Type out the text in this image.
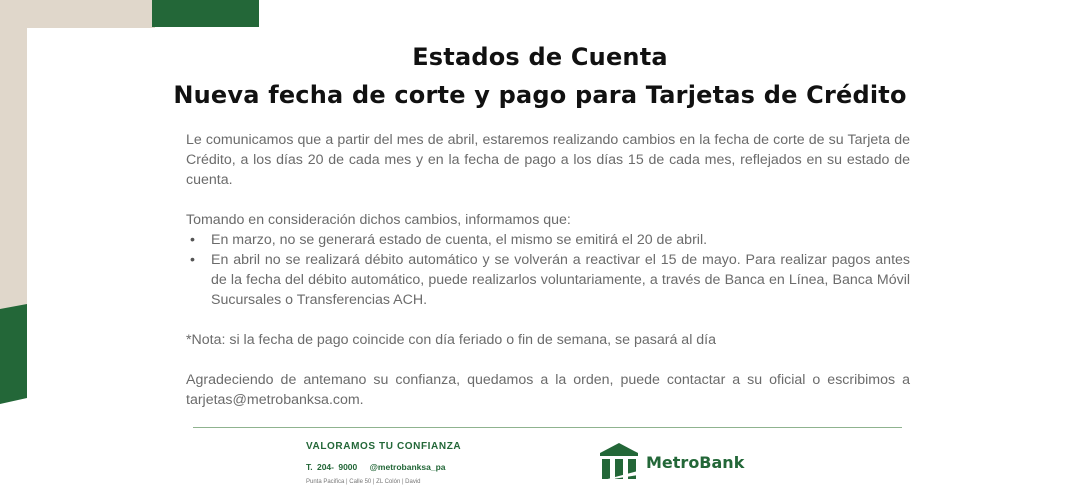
Estados de Cuenta
Nueva fecha de corte y pago para Tarjetas de Crédito

Le comunicamos que a partir del mes de abril, estaremos realizando cambios en la fecha de corte de su Tarjeta de Crédito, a los días 20 de cada mes y en la fecha de pago a los días 15 de cada mes, reflejados en su estado de cuenta.

Tomando en consideración dichos cambios, informamos que:

• En marzo, no se generará estado de cuenta, el mismo se emitirá el 20 de abril.
• En abril no se realizará débito automático y se volverán a reactivar el 15 de mayo. Para realizar pagos antes de la fecha del débito automático, puede realizarlos voluntariamente, a través de Banca en Línea, Banca Móvil Sucursales o Transferencias ACH.

*Nota: si la fecha de pago coincide con día feriado o fin de semana, se pasará al día

Agradeciendo de antemano su confianza, quedamos a la orden, puede contactar a su oficial o escribimos a tarjetas@metrobanksa.com.

VALORAMOS TU CONFIANZA
T. 204- 9000 @metrobanksa_pa
Punta Pacifica | Calle 50 | ZL Colón | David
MetroBank
